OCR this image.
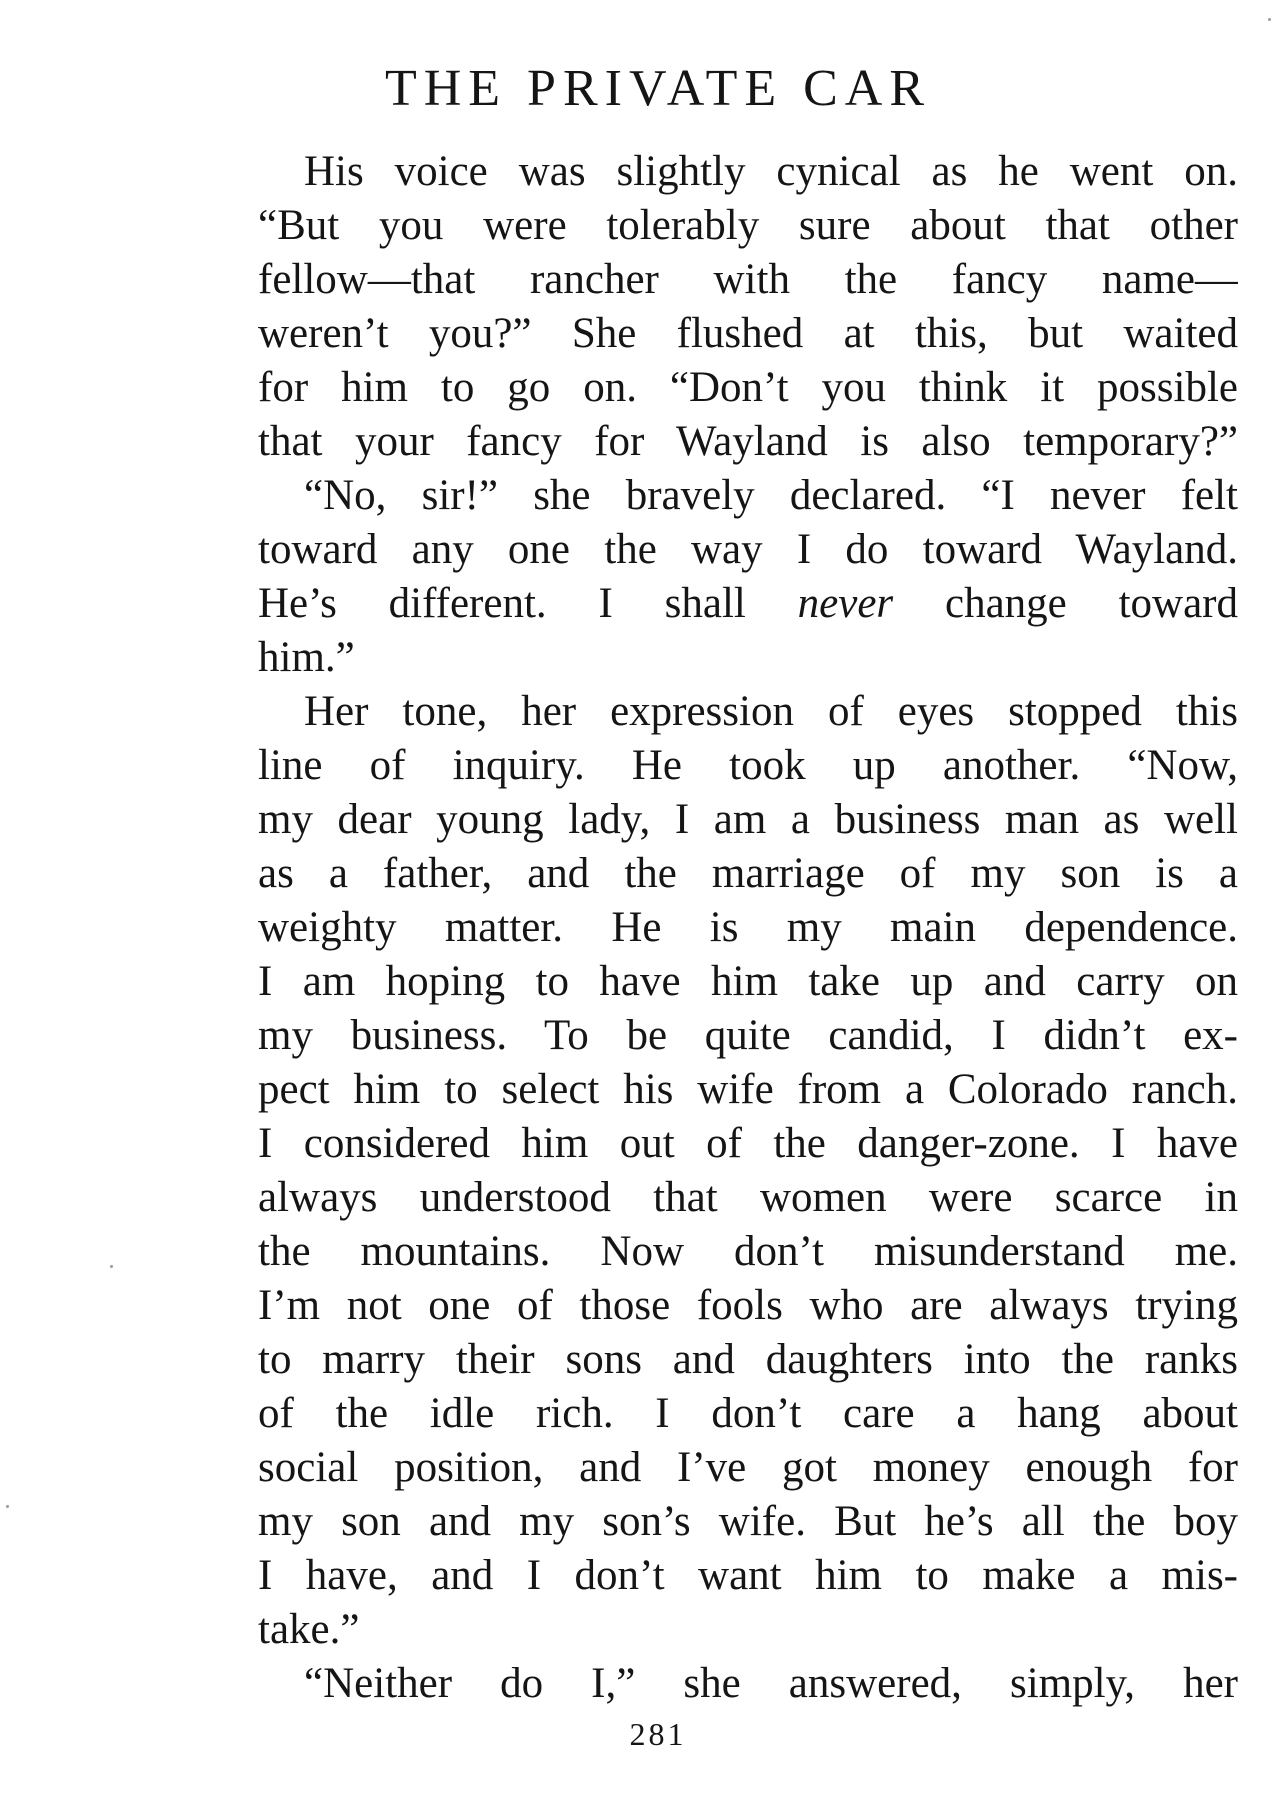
THE PRIVATE CAR
His voice was slightly cynical as he went on.
“But you were tolerably sure about that other
fellow—that rancher with the fancy name—
weren’t you?” She flushed at this, but waited
for him to go on. “Don’t you think it possible
that your fancy for Wayland is also temporary?”
“No, sir!” she bravely declared. “I never felt
toward any one the way I do toward Wayland.
He’s different. I shall never change toward
him.”
Her tone, her expression of eyes stopped this
line of inquiry. He took up another. “Now,
my dear young lady, I am a business man as well
as a father, and the marriage of my son is a
weighty matter. He is my main dependence.
I am hoping to have him take up and carry on
my business. To be quite candid, I didn’t ex-
pect him to select his wife from a Colorado ranch.
I considered him out of the danger-zone. I have
always understood that women were scarce in
the mountains. Now don’t misunderstand me.
I’m not one of those fools who are always trying
to marry their sons and daughters into the ranks
of the idle rich. I don’t care a hang about
social position, and I’ve got money enough for
my son and my son’s wife. But he’s all the boy
I have, and I don’t want him to make a mis-
take.”
“Neither do I,” she answered, simply, her
281
